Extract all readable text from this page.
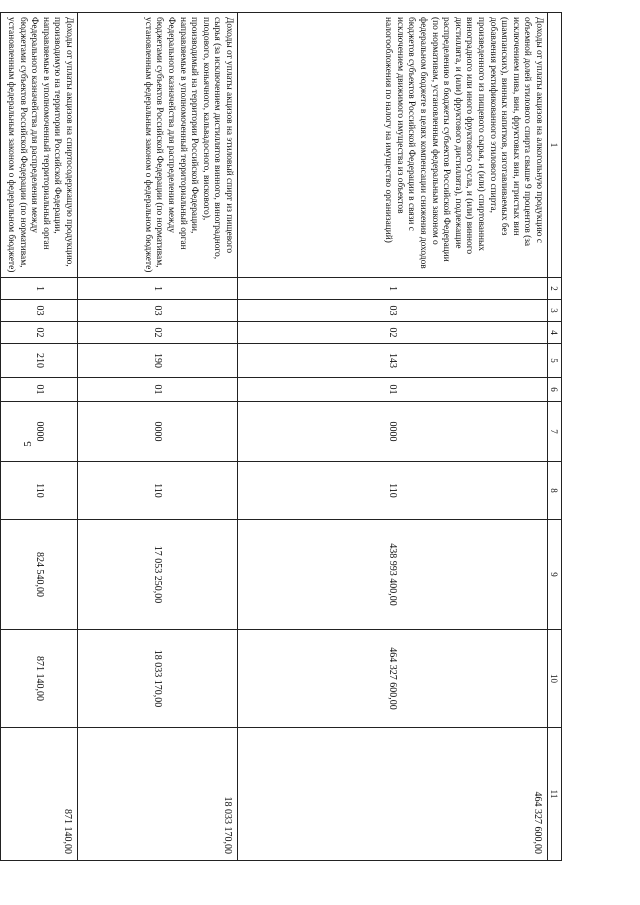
5
1	2	3	4	5	6	7	8	9	10	11
Доходы от уплаты акцизов на алкогольную продукцию с объемной долей этилового спирта свыше 9 процентов (за исключением пива, вин, фруктовых вин, игристых вин (шампанских), винных напитков, изготавливаемых без добавления ректификованного этилового спирта, произведенного из пищевого сырья, и (или) спиртованных виноградного или иного фруктового сусла, и (или) винного дистиллята, и (или) фруктового дистиллята), подлежащие распределению в бюджеты субъектов Российской Федерации (по нормативам, установленным федеральным законом о федеральном бюджете в целях компенсации снижения доходов бюджетов субъектов Российской Федерации в связи с исключением движимого имущества из объектов налогообложения по налогу на имущество организаций)	1	03	02	143	01	0000	110	438 993 400,00	464 327 600,00	464 327 600,00
Доходы от уплаты акцизов на этиловый спирт из пищевого сырья (за исключением дистиллятов винного, виноградного, плодового, коньячного, кальвадосного, вискового), производимый на территории Российской Федерации, направляемые в уполномоченный территориальный орган Федерального казначейства для распределения между бюджетами субъектов Российской Федерации (по нормативам, установленным федеральным законом о федеральном бюджете)	1	03	02	190	01	0000	110	17 053 250,00	18 033 170,00	18 033 170,00
Доходы от уплаты акцизов на спиртосодержащую продукцию, производимую на территории Российской Федерации, направляемые в уполномоченный территориальный орган Федерального казначейства для распределения между бюджетами субъектов Российской Федерации (по нормативам, установленным федеральным законом о федеральном бюджете)	1	03	02	210	01	0000	110	824 540,00	871 140,00	871 140,00
